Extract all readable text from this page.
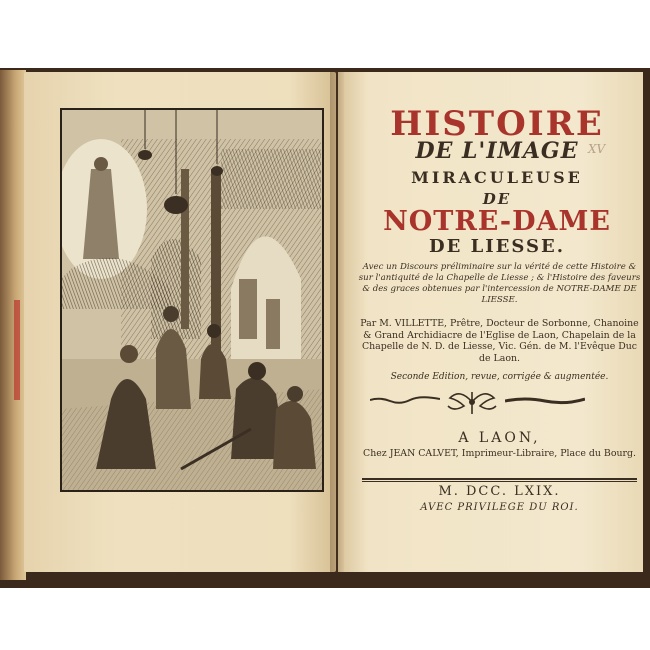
XV
HISTOIRE
DE L'IMAGE
MIRACULEUSE
DE
NOTRE-DAME
DE LIESSE.
Avec un Discours préliminaire sur la vérité de cette Histoire & sur l'antiquité de la Chapelle de Liesse ; & l'Histoire des faveurs & des graces obtenues par l'intercession de NOTRE-DAME DE LIESSE.
Par M. VILLETTE, Prêtre, Docteur de Sorbonne, Chanoine & Grand Archidiacre de l'Eglise de Laon, Chapelain de la Chapelle de N. D. de Liesse, Vic. Gén. de M. l'Evêque Duc de Laon.
Seconde Edition, revue, corrigée & augmentée.
A LAON,
Chez JEAN CALVET, Imprimeur-Libraire, Place du Bourg.
M. DCC. LXIX.
AVEC PRIVILEGE DU ROI.
